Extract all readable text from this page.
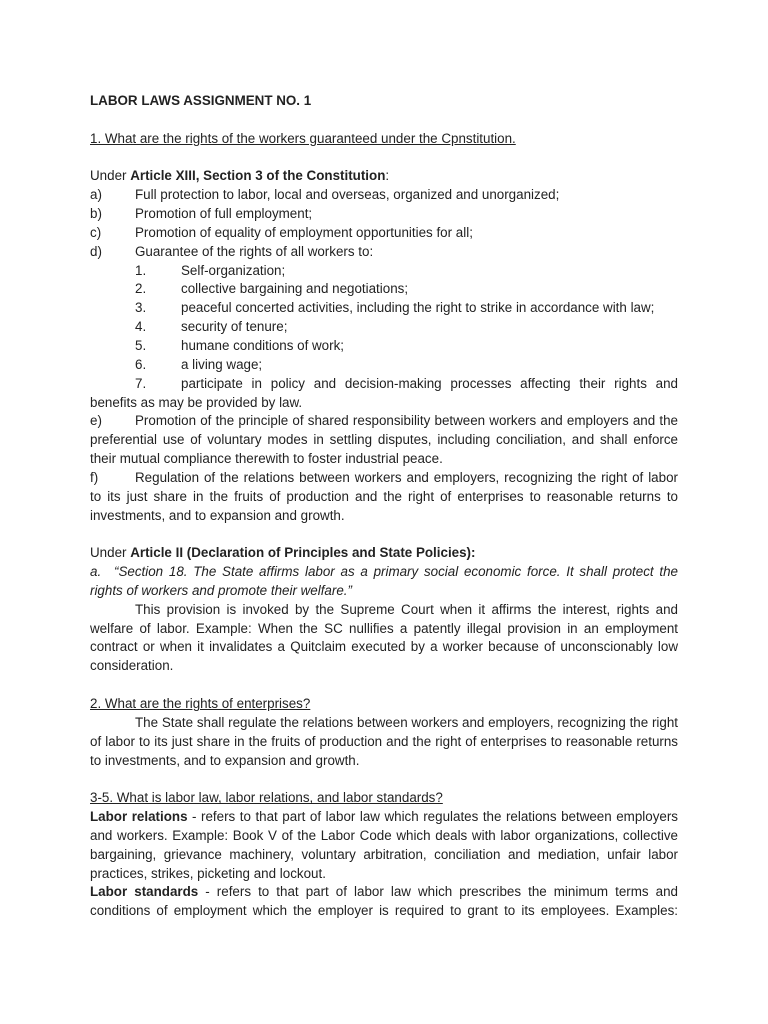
LABOR LAWS ASSIGNMENT NO. 1

1. What are the rights of the workers guaranteed under the Cpnstitution.

Under Article XIII, Section 3 of the Constitution:

a)	Full protection to labor, local and overseas, organized and unorganized;
b)	Promotion of full employment;
c)	Promotion of equality of employment opportunities for all;
d)	Guarantee of the rights of all workers to:
1.	Self-organization;
2.	collective bargaining and negotiations;
3.	peaceful concerted activities, including the right to strike in accordance with law;
4.	security of tenure;
5.	humane conditions of work;
6.	a living wage;
7.	participate in policy and decision-making processes affecting their rights and

benefits as may be provided by law.

e) Promotion of the principle of shared responsibility between workers and employers and the preferential use of voluntary modes in settling disputes, including conciliation, and shall enforce their mutual compliance therewith to foster industrial peace.

f)	Regulation of the relations between workers and employers, recognizing the right of labor to its just share in the fruits of production and the right of enterprises to reasonable returns to investments, and to expansion and growth.

Under Article II (Declaration of Principles and State Policies):

a. “Section 18. The State affirms labor as a primary social economic force. It shall protect the rights of workers and promote their welfare.”

This provision is invoked by the Supreme Court when it affirms the interest, rights and welfare of labor. Example: When the SC nullifies a patently illegal provision in an employment contract or when it invalidates a Quitclaim executed by a worker because of unconscionably low consideration.

2. What are the rights of enterprises?

The State shall regulate the relations between workers and employers, recognizing the right of labor to its just share in the fruits of production and the right of enterprises to reasonable returns to investments, and to expansion and growth.

3-5. What is labor law, labor relations, and labor standards?

Labor relations - refers to that part of labor law which regulates the relations between employers and workers. Example: Book V of the Labor Code which deals with labor organizations, collective bargaining, grievance machinery, voluntary arbitration, conciliation and mediation, unfair labor practices, strikes, picketing and lockout.

Labor standards - refers to that part of labor law which prescribes the minimum terms and conditions of employment which the employer is required to grant to its employees. Examples:
